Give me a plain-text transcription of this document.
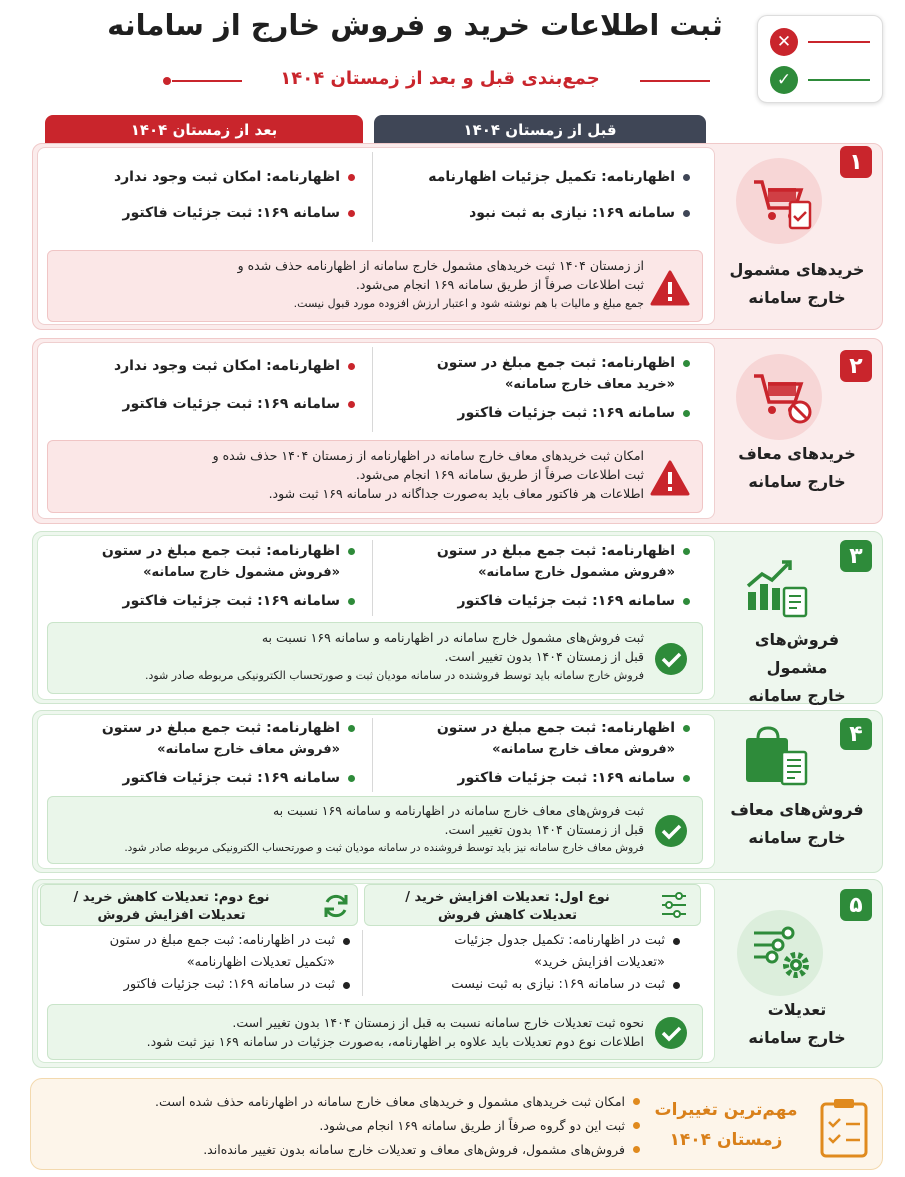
ثبت اطلاعات خرید و فروش خارج از سامانه
جمع‌بندی قبل و بعد از زمستان ۱۴۰۴
✕
✓
بعد از زمستان ۱۴۰۴	قبل از زمستان ۱۴۰۴
اظهارنامه: تکمیل جزئیات اظهارنامه
سامانه ۱۶۹: نیازی به ثبت نبود
اظهارنامه: امکان ثبت وجود ندارد
سامانه ۱۶۹: ثبت جزئیات فاکتور
از زمستان ۱۴۰۴ ثبت خریدهای مشمول خارج سامانه از اظهارنامه حذف شده و
ثبت اطلاعات صرفاً از طریق سامانه ۱۶۹ انجام می‌شود.
جمع مبلغ و مالیات با هم نوشته شود و اعتبار ارزش افزوده مورد قبول نیست.
۱
خریدهای مشمول
خارج سامانه
اظهارنامه: ثبت جمع مبلغ در ستون
«خرید معاف خارج سامانه»
سامانه ۱۶۹: ثبت جزئیات فاکتور
اظهارنامه: امکان ثبت وجود ندارد
سامانه ۱۶۹: ثبت جزئیات فاکتور
امکان ثبت خریدهای معاف خارج سامانه در اظهارنامه از زمستان ۱۴۰۴ حذف شده و
ثبت اطلاعات صرفاً از طریق سامانه ۱۶۹ انجام می‌شود.
اطلاعات هر فاکتور معاف باید به‌صورت جداگانه در سامانه ۱۶۹ ثبت شود.
۲
خریدهای معاف
خارج سامانه
اظهارنامه: ثبت جمع مبلغ در ستون
«فروش مشمول خارج سامانه»
سامانه ۱۶۹: ثبت جزئیات فاکتور
اظهارنامه: ثبت جمع مبلغ در ستون
«فروش مشمول خارج سامانه»
سامانه ۱۶۹: ثبت جزئیات فاکتور
ثبت فروش‌های مشمول خارج سامانه در اظهارنامه و سامانه ۱۶۹ نسبت به
قبل از زمستان ۱۴۰۴ بدون تغییر است.
فروش خارج سامانه باید توسط فروشنده در سامانه مودیان ثبت و صورتحساب الکترونیکی مربوطه صادر شود.
۳
فروش‌های مشمول
خارج سامانه
اظهارنامه: ثبت جمع مبلغ در ستون
«فروش معاف خارج سامانه»
سامانه ۱۶۹: ثبت جزئیات فاکتور
اظهارنامه: ثبت جمع مبلغ در ستون
«فروش معاف خارج سامانه»
سامانه ۱۶۹: ثبت جزئیات فاکتور
ثبت فروش‌های معاف خارج سامانه در اظهارنامه و سامانه ۱۶۹ نسبت به
قبل از زمستان ۱۴۰۴ بدون تغییر است.
فروش معاف خارج سامانه نیز باید توسط فروشنده در سامانه مودیان ثبت و صورتحساب الکترونیکی مربوطه صادر شود.
۴
فروش‌های معاف
خارج سامانه
نوع اول: تعدیلات افزایش خرید /
تعدیلات کاهش فروش
نوع دوم: تعدیلات کاهش خرید /
تعدیلات افزایش فروش
ثبت در اظهارنامه: تکمیل جدول جزئیات
«تعدیلات افزایش خرید»
ثبت در سامانه ۱۶۹: نیازی به ثبت نیست
ثبت در اظهارنامه: ثبت جمع مبلغ در ستون
«تکمیل تعدیلات اظهارنامه»
ثبت در سامانه ۱۶۹: ثبت جزئیات فاکتور
نحوه ثبت تعدیلات خارج سامانه نسبت به قبل از زمستان ۱۴۰۴ بدون تغییر است.
اطلاعات نوع دوم تعدیلات باید علاوه بر اظهارنامه، به‌صورت جزئیات در سامانه ۱۶۹ نیز ثبت شود.
۵
تعدیلات
خارج سامانه
امکان ثبت خریدهای مشمول و خریدهای معاف خارج سامانه در اظهارنامه حذف شده است.
ثبت این دو گروه صرفاً از طریق سامانه ۱۶۹ انجام می‌شود.
فروش‌های مشمول، فروش‌های معاف و تعدیلات خارج سامانه بدون تغییر مانده‌اند.
مهم‌ترین تغییرات
زمستان ۱۴۰۴
